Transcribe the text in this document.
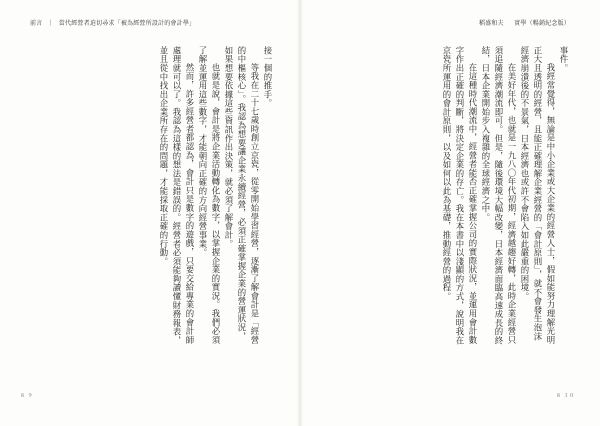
前言 ｜ 當代經營者迫切尋求「被為經營所設計的會計學」

接一個的推手。

等我在二十七歲時創立京瓷，從零開始學習經營，逐漸了解會計是「經營的中樞核心」。我認為想要讓企業永續經營，必須正確掌握企業的營運狀況，如果想要依據這些資訊作出決策，就必須了解會計。

也就是說，會計是將企業活動轉化為數字，以掌握企業的實況。我們必須了解並運用這些數字，才能朝向正確的方向經營事業。

然而，許多經營者都認為，會計只是數字的遊戲，只要交給專業的會計師處理就可以了。我認為這樣的想法是錯誤的。經營者必須能夠讀懂財務報表，並且從中找出企業所存在的問題，才能採取正確的行動。

８ ９
稻盛和夫 　 實學（暢銷紀念版）

事件。

我經常覺得，無論是中小企業或大企業的經營人士，假如能努力理解光明正大且透明的經營，且能正確理解企業經營的「會計原則」，就不會發生泡沫經濟崩潰後的不景氣，日本經濟也或許不會陷入如此嚴重的困境。

在美好年代，也就是一九八〇年代初期，經濟越趨好轉，此時企業經營只須追隨經濟潮流即可。但是，隨後環境大幅改變，日本經濟面臨高速成長的終結，日本企業開始步入複雜的全球經濟之中。

在這種時代潮流中，經營者能否正確掌握公司的實際狀況，並運用會計數字作出正確的判斷，將決定企業的存亡。我在本書中以淺顯的方式，說明我在京瓷所運用的會計原則，以及如何以此為基礎，推動經營的過程。

８ １０
